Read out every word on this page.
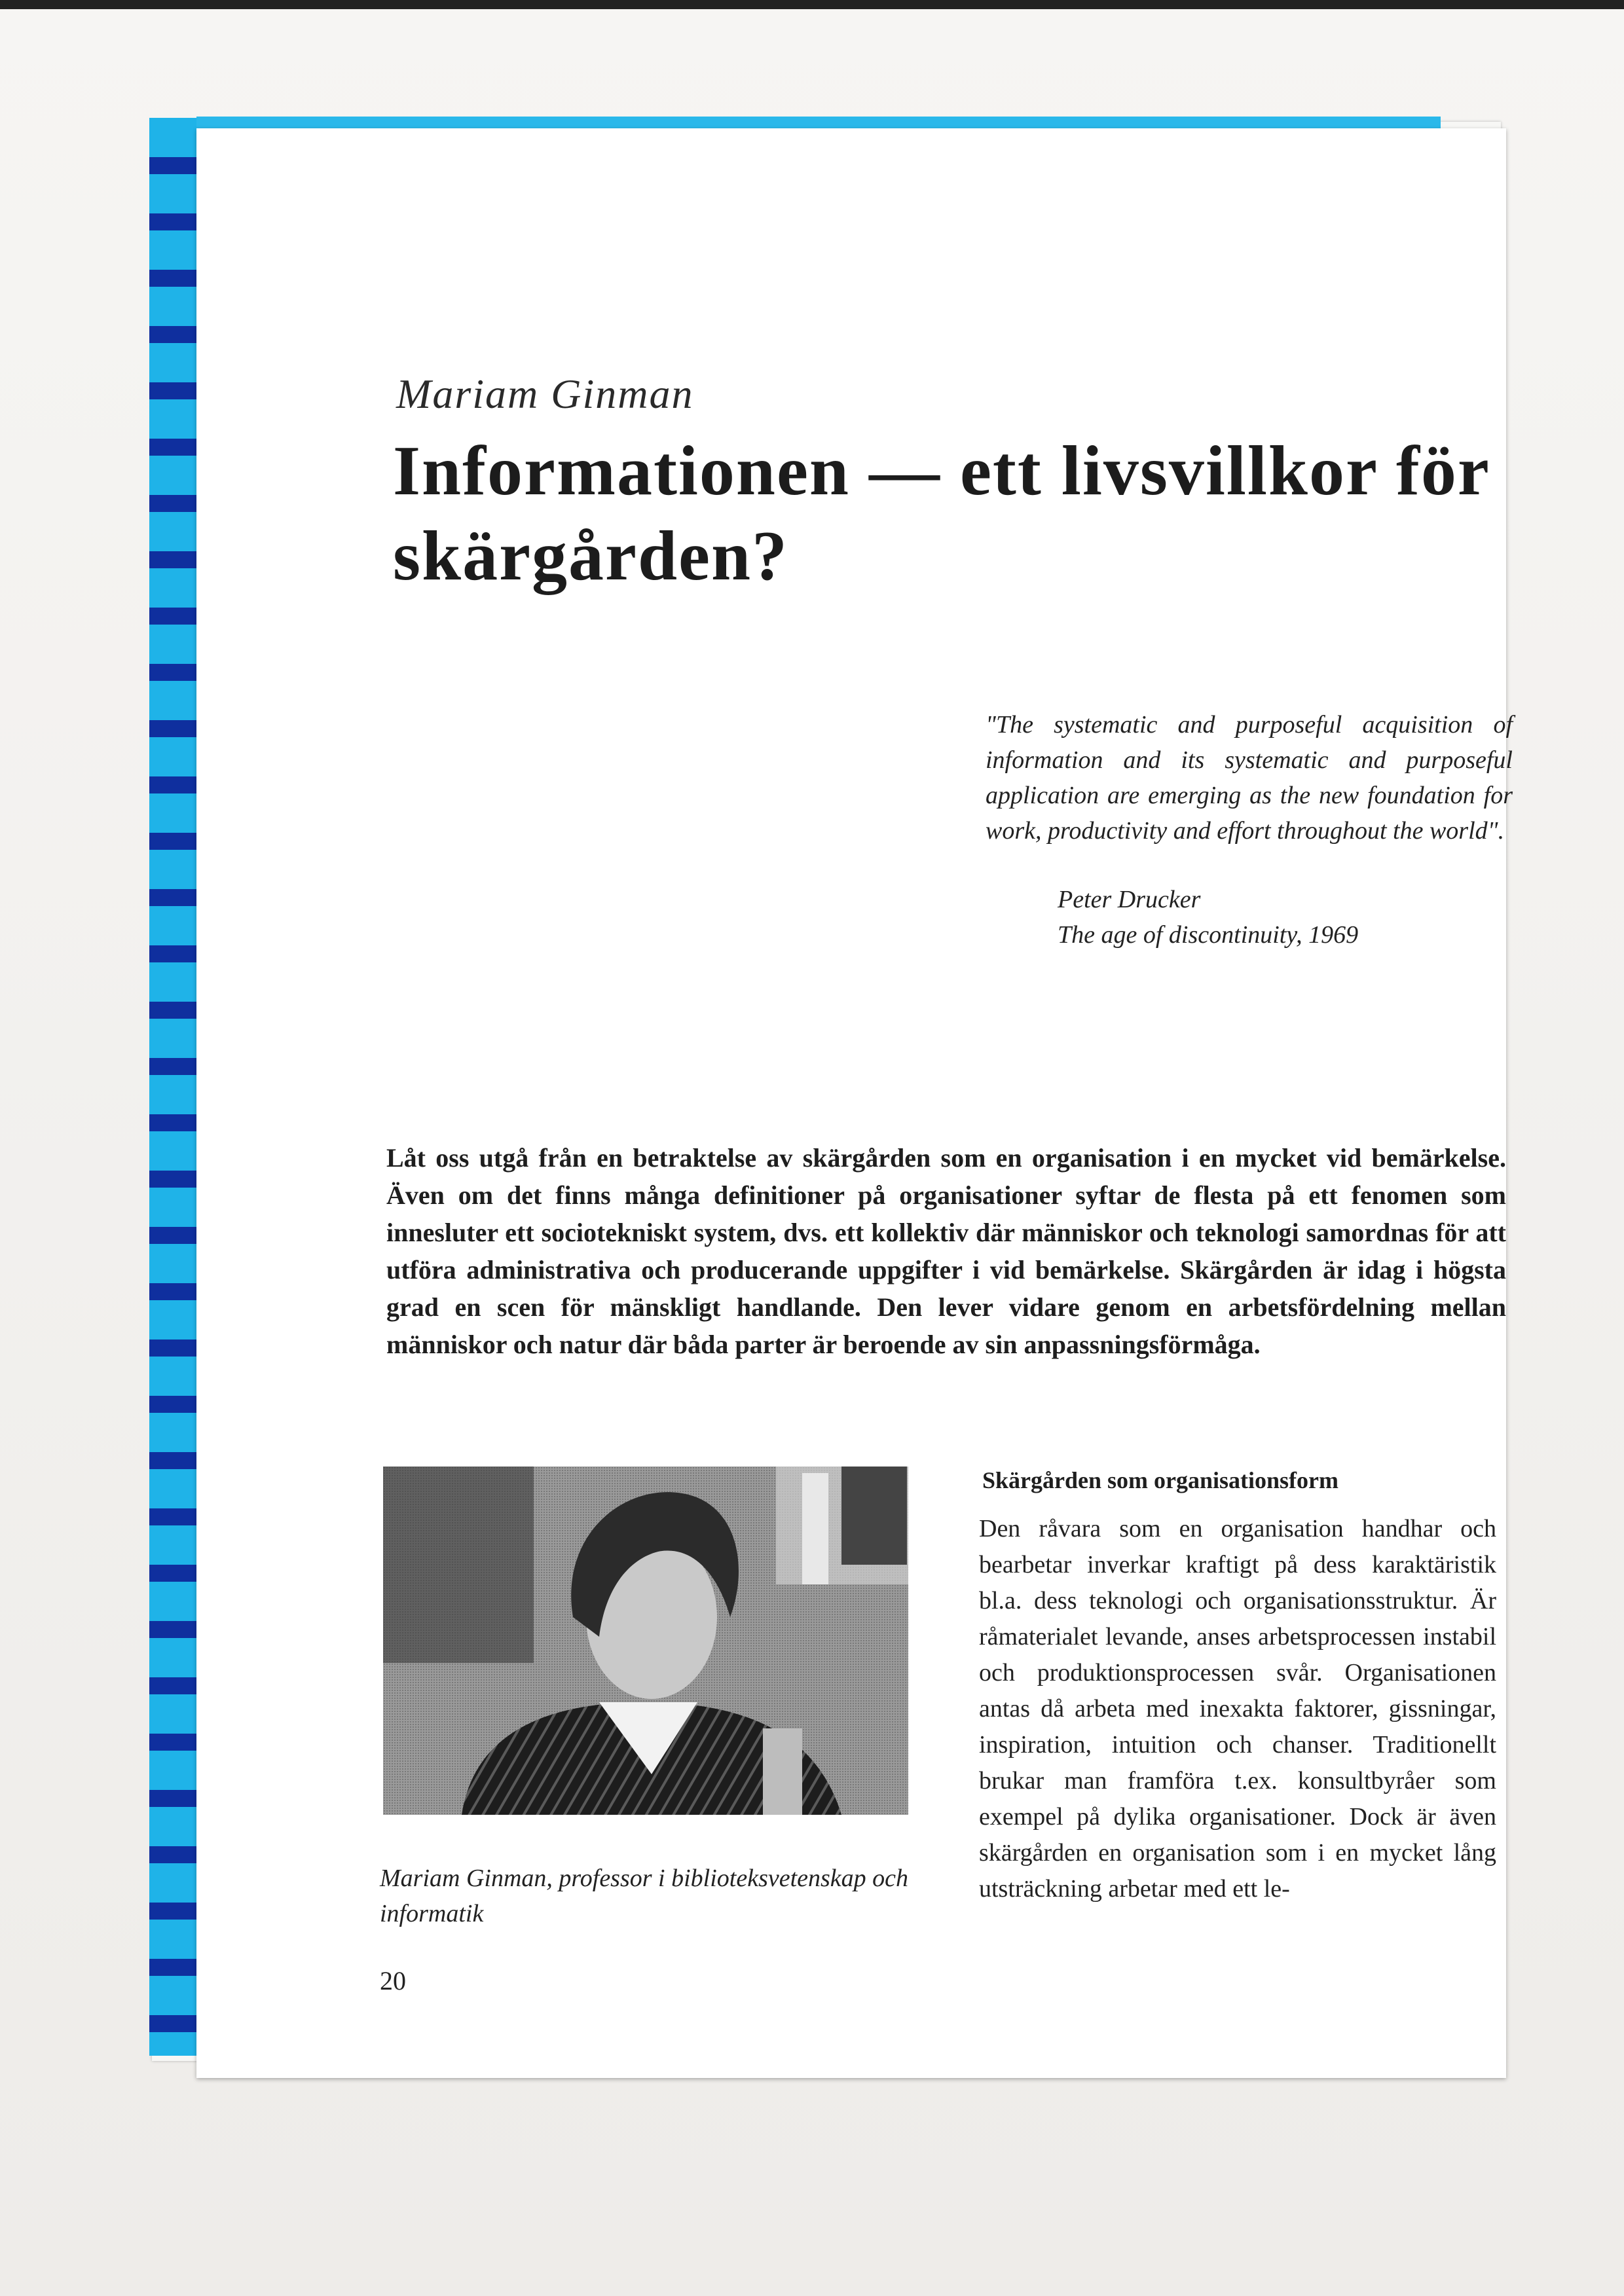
Mariam Ginman
Informationen — ett livsvillkor för skärgården?
"The systematic and purposeful acquisition of information and its systematic and purposeful application are emerging as the new foundation for work, productivity and effort throughout the world".
Peter Drucker
The age of discontinuity, 1969
Låt oss utgå från en betraktelse av skärgården som en organisation i en mycket vid bemärkelse. Även om det finns många definitioner på organisationer syftar de flesta på ett fenomen som innesluter ett sociotekniskt system, dvs. ett kollektiv där människor och teknologi samordnas för att utföra administrativa och producerande uppgifter i vid bemärkelse. Skärgården är idag i högsta grad en scen för mänskligt handlande. Den lever vidare genom en arbetsfördelning mellan människor och natur där båda parter är beroende av sin anpassningsförmåga.
Mariam Ginman, professor i biblioteksvetenskap och informatik
20
Skärgården som organisationsform
Den råvara som en organisation handhar och bearbetar inverkar kraftigt på dess karaktäristik bl.a. dess teknologi och organisationsstruktur. Är råmaterialet levande, anses arbetsprocessen instabil och produktionsprocessen svår. Organisationen antas då arbeta med inexakta faktorer, gissningar, inspiration, intuition och chanser. Traditionellt brukar man framföra t.ex. konsultbyråer som exempel på dylika organisationer. Dock är även skärgården en organisation som i en mycket lång utsträckning arbetar med ett le-
